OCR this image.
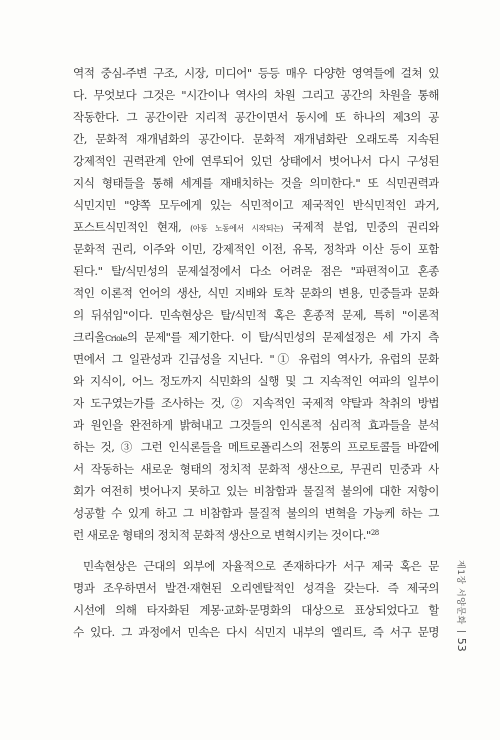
역적 중심-주변 구조, 시장, 미디어" 등등 매우 다양한 영역들에 걸쳐 있
다. 무엇보다 그것은 "시간이나 역사의 차원 그리고 공간의 차원을 통해
작동한다. 그 공간이란 지리적 공간이면서 동시에 또 하나의 제3의 공
간, 문화적 재개념화의 공간이다. 문화적 재개념화란 오래도록 지속된
강제적인 권력관계 안에 연루되어 있던 상태에서 벗어나서 다시 구성된
지식 형태들을 통해 세계를 재배치하는 것을 의미한다." 또 식민권력과
식민지민 "양쪽 모두에게 있는 식민적이고 제국적인 반식민적인 과거,
포스트식민적인 현재, (아동 노동에서 시작되는) 국제적 분업, 민중의 권리와
문화적 권리, 이주와 이민, 강제적인 이전, 유목, 정착과 이산 등이 포함
된다." 탈/식민성의 문제설정에서 다소 어려운 점은 "파편적이고 혼종
적인 이론적 언어의 생산, 식민 지배와 토착 문화의 변용, 민중들과 문화
의 뒤섞임"이다. 민속현상은 탈/식민적 혹은 혼종적 문제, 특히 "이론적
크리올Criole의 문제"를 제기한다. 이 탈/식민성의 문제설정은 세 가지 측
면에서 그 일관성과 긴급성을 지닌다. "① 유럽의 역사가, 유럽의 문화
와 지식이, 어느 정도까지 식민화의 실행 및 그 지속적인 여파의 일부이
자 도구였는가를 조사하는 것, ② 지속적인 국제적 약탈과 착취의 방법
과 원인을 완전하게 밝혀내고 그것들의 인식론적 심리적 효과들을 분석
하는 것, ③ 그런 인식론들을 메트로폴리스의 전통의 프로토콜들 바깥에
서 작동하는 새로운 형태의 정치적 문화적 생산으로, 무권리 민중과 사
회가 여전히 벗어나지 못하고 있는 비참함과 물질적 불의에 대한 저항이
성공할 수 있게 하고 그 비참함과 물질적 불의의 변혁을 가능케 하는 그
런 새로운 형태의 정치적 문화적 생산으로 변혁시키는 것이다."$^{28}$
민속현상은 근대의 외부에 자율적으로 존재하다가 서구 제국 혹은 문
명과 조우하면서 발견·재현된 오리엔탈적인 성격을 갖는다. 즉 제국의
시선에 의해 타자화된 계몽·교화·문명화의 대상으로 표상되었다고 할
수 있다. 그 과정에서 민속은 다시 식민지 내부의 엘리트, 즉 서구 문명
제1장 서양문화
53
